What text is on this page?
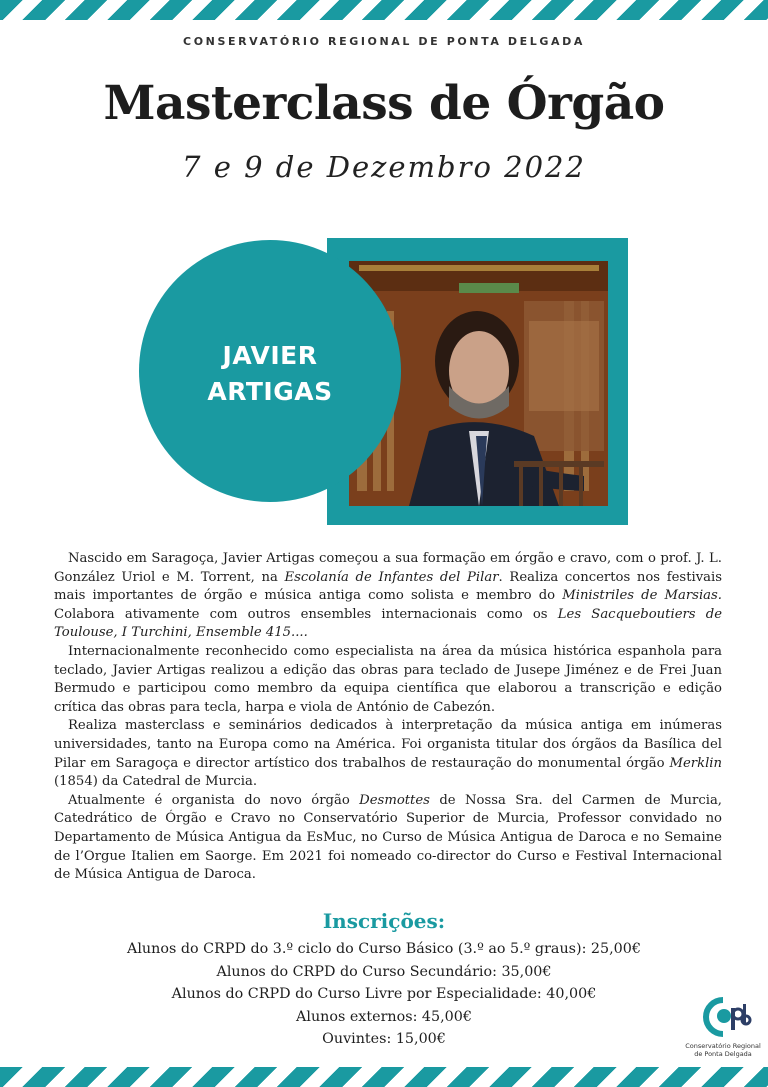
CONSERVATÓRIO REGIONAL DE PONTA DELGADA
Masterclass de Órgão
7 e 9 de Dezembro 2022
JAVIER
ARTIGAS

Nascido em Saragoça, Javier Artigas começou a sua formação em órgão e cravo, com o prof. J. L. González Uriol e M. Torrent, na Escolanía de Infantes del Pilar. Realiza concertos nos festivais mais importantes de órgão e música antiga como solista e membro do Ministriles de Marsias. Colabora ativamente com outros ensembles internacionais como os Les Sacqueboutiers de Toulouse, I Turchini, Ensemble 415....

Internacionalmente reconhecido como especialista na área da música histórica espanhola para teclado, Javier Artigas realizou a edição das obras para teclado de Jusepe Jiménez e de Frei Juan Bermudo e participou como membro da equipa científica que elaborou a transcrição e edição crítica das obras para tecla, harpa e viola de António de Cabezón.

Realiza masterclass e seminários dedicados à interpretação da música antiga em inúmeras universidades, tanto na Europa como na América. Foi organista titular dos órgãos da Basílica del Pilar em Saragoça e director artístico dos trabalhos de restauração do monumental órgão Merklin (1854) da Catedral de Murcia.

Atualmente é organista do novo órgão Desmottes de Nossa Sra. del Carmen de Murcia, Catedrático de Órgão e Cravo no Conservatório Superior de Murcia, Professor convidado no Departamento de Música Antigua da EsMuc, no Curso de Música Antigua de Daroca e no Semaine de l’Orgue Italien em Saorge. Em 2021 foi nomeado co-director do Curso e Festival Internacional de Música Antigua de Daroca.

Inscrições:
Alunos do CRPD do 3.º ciclo do Curso Básico (3.º ao 5.º graus): 25,00€
Alunos do CRPD do Curso Secundário: 35,00€
Alunos do CRPD do Curso Livre por Especialidade: 40,00€
Alunos externos: 45,00€
Ouvintes: 15,00€	Conservatório Regional
de Ponta Delgada
